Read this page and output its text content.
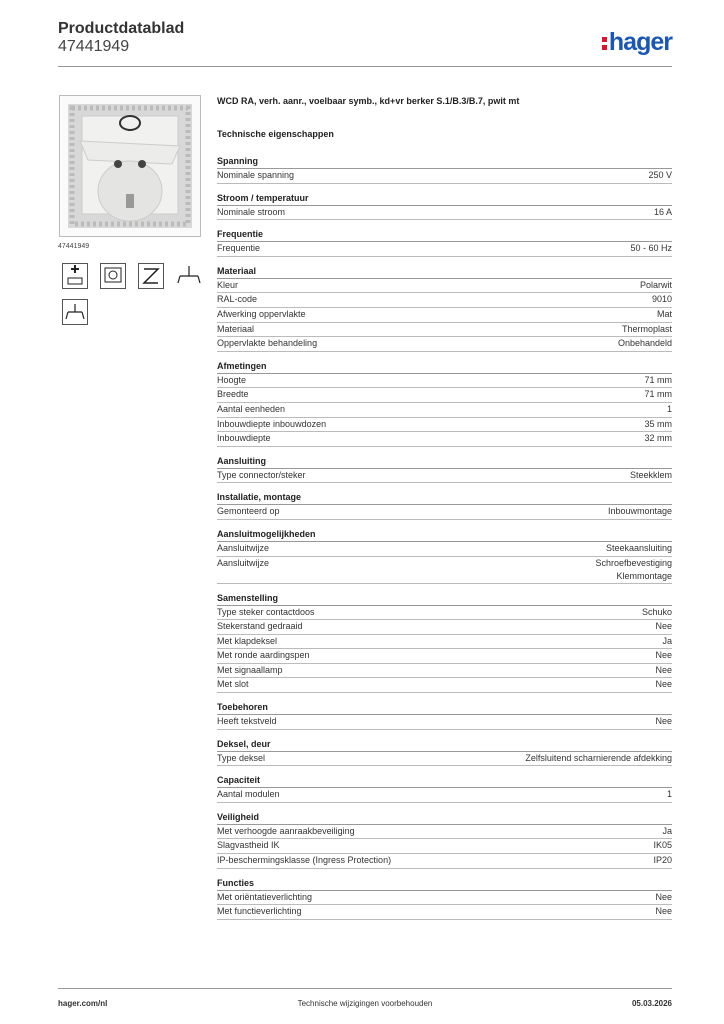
Productdatablad
47441949	hager
47441949
WCD RA, verh. aanr., voelbaar symb., kd+vr berker S.1/B.3/B.7, pwit mt
Technische eigenschappen
Spanning
Nominale spanning	250 V
Stroom / temperatuur
Nominale stroom	16 A
Frequentie
Frequentie	50 - 60 Hz
Materiaal
Kleur	Polarwit
RAL-code	9010
Afwerking oppervlakte	Mat
Materiaal	Thermoplast
Oppervlakte behandeling	Onbehandeld
Afmetingen
Hoogte	71 mm
Breedte	71 mm
Aantal eenheden	1
Inbouwdiepte inbouwdozen	35 mm
Inbouwdiepte	32 mm
Aansluiting
Type connector/steker	Steekklem
Installatie, montage
Gemonteerd op	Inbouwmontage
Aansluitmogelijkheden
Aansluitwijze	Steekaansluiting
Aansluitwijze	Schroefbevestiging
Klemmontage
Samenstelling
Type steker contactdoos	Schuko
Stekerstand gedraaid	Nee
Met klapdeksel	Ja
Met ronde aardingspen	Nee
Met signaallamp	Nee
Met slot	Nee
Toebehoren
Heeft tekstveld	Nee
Deksel, deur
Type deksel	Zelfsluitend scharnierende afdekking
Capaciteit
Aantal modulen	1
Veiligheid
Met verhoogde aanraakbeveiliging	Ja
Slagvastheid IK	IK05
IP-beschermingsklasse (Ingress Protection)	IP20
Functies
Met oriëntatieverlichting	Nee
Met functieverlichting	Nee
hager.com/nl	Technische wijzigingen voorbehouden	05.03.2026
